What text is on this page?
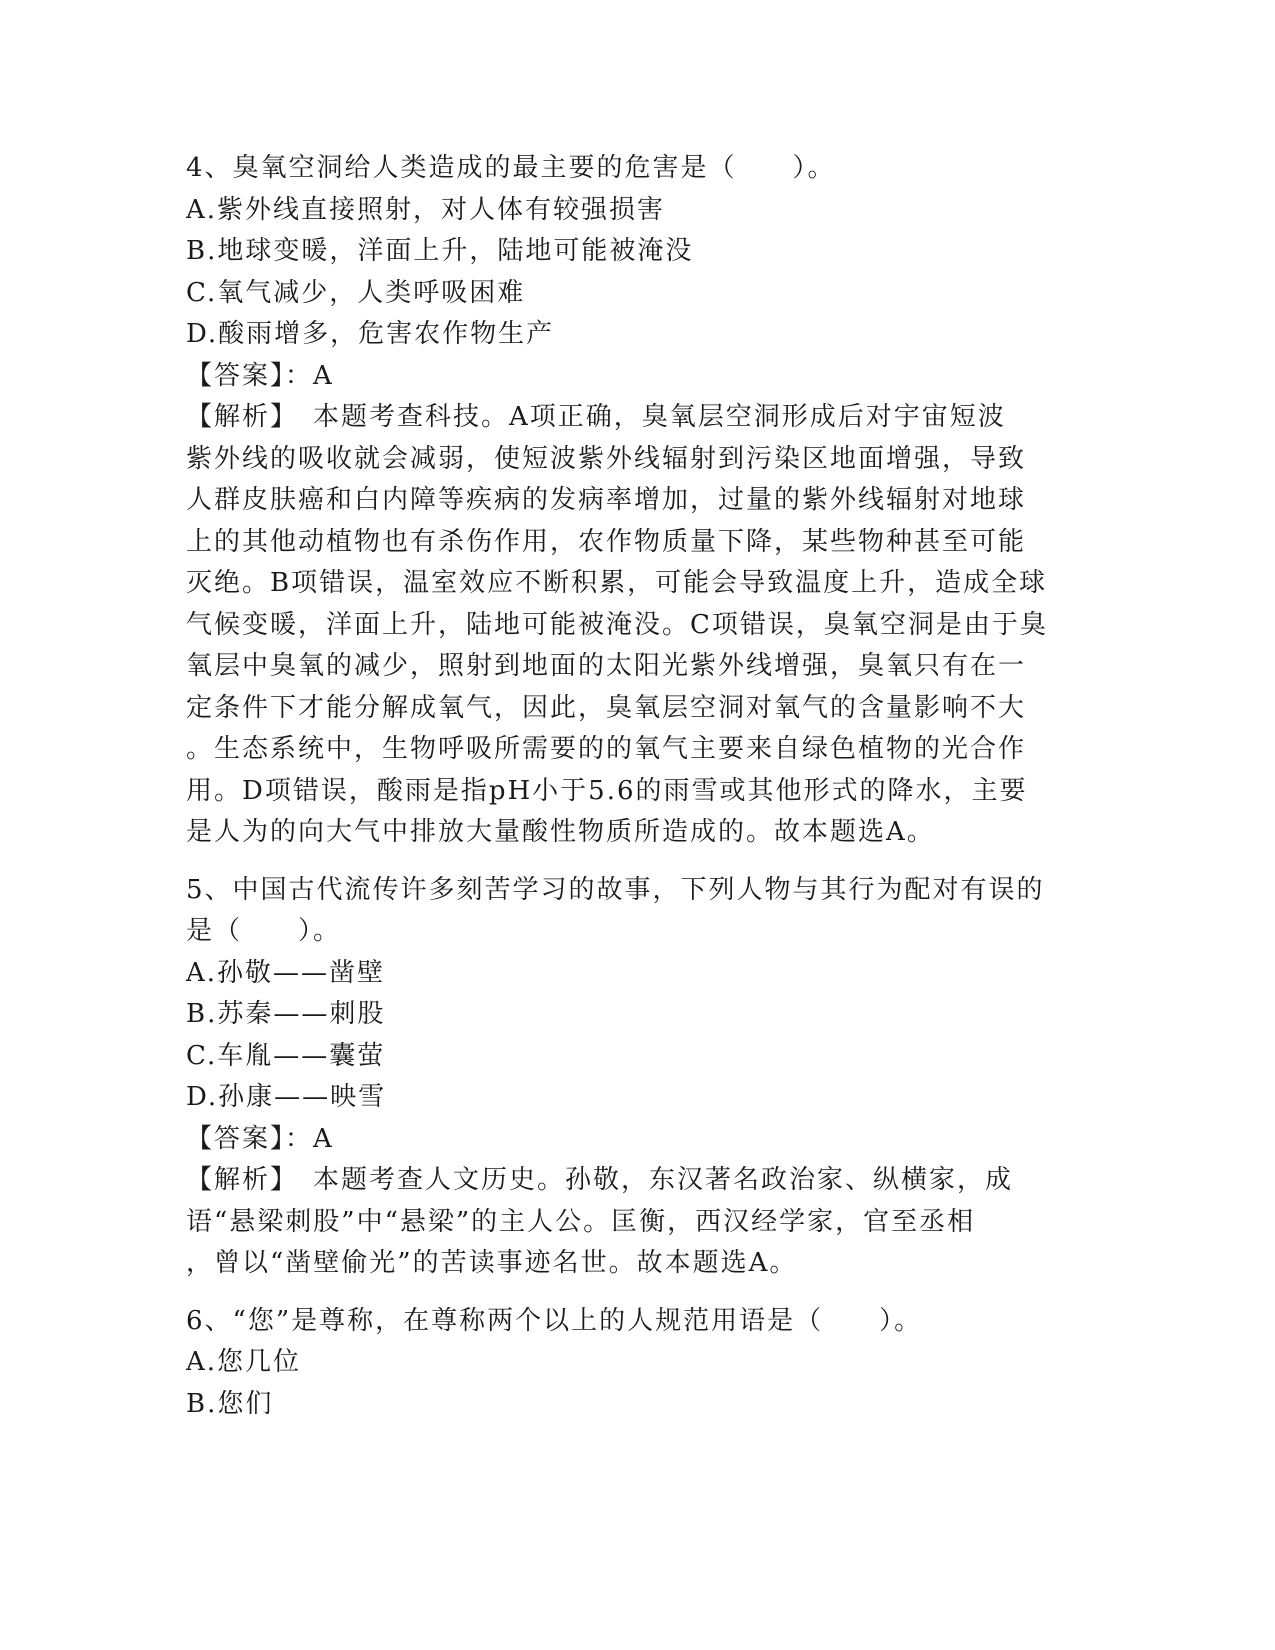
4、臭氧空洞给人类造成的最主要的危害是（　　）。
A.紫外线直接照射，对人体有较强损害
B.地球变暖，洋面上升，陆地可能被淹没
C.氧气减少，人类呼吸困难
D.酸雨增多，危害农作物生产
【答案】：A
【解析】　本题考查科技。A项正确，臭氧层空洞形成后对宇宙短波
紫外线的吸收就会减弱，使短波紫外线辐射到污染区地面增强，导致
人群皮肤癌和白内障等疾病的发病率增加，过量的紫外线辐射对地球
上的其他动植物也有杀伤作用，农作物质量下降，某些物种甚至可能
灭绝。B项错误，温室效应不断积累，可能会导致温度上升，造成全球
气候变暖，洋面上升，陆地可能被淹没。C项错误，臭氧空洞是由于臭
氧层中臭氧的减少，照射到地面的太阳光紫外线增强，臭氧只有在一
定条件下才能分解成氧气，因此，臭氧层空洞对氧气的含量影响不大
。生态系统中，生物呼吸所需要的的氧气主要来自绿色植物的光合作
用。D项错误，酸雨是指pH小于5.6的雨雪或其他形式的降水，主要
是人为的向大气中排放大量酸性物质所造成的。故本题选A。
5、中国古代流传许多刻苦学习的故事，下列人物与其行为配对有误的
是（　　）。
A.孙敬——凿壁
B.苏秦——刺股
C.车胤——囊萤
D.孙康——映雪
【答案】：A
【解析】　本题考查人文历史。孙敬，东汉著名政治家、纵横家，成
语“悬梁刺股”中“悬梁”的主人公。匡衡，西汉经学家，官至丞相
，曾以“凿壁偷光”的苦读事迹名世。故本题选A。
6、“您”是尊称，在尊称两个以上的人规范用语是（　　）。
A.您几位
B.您们
